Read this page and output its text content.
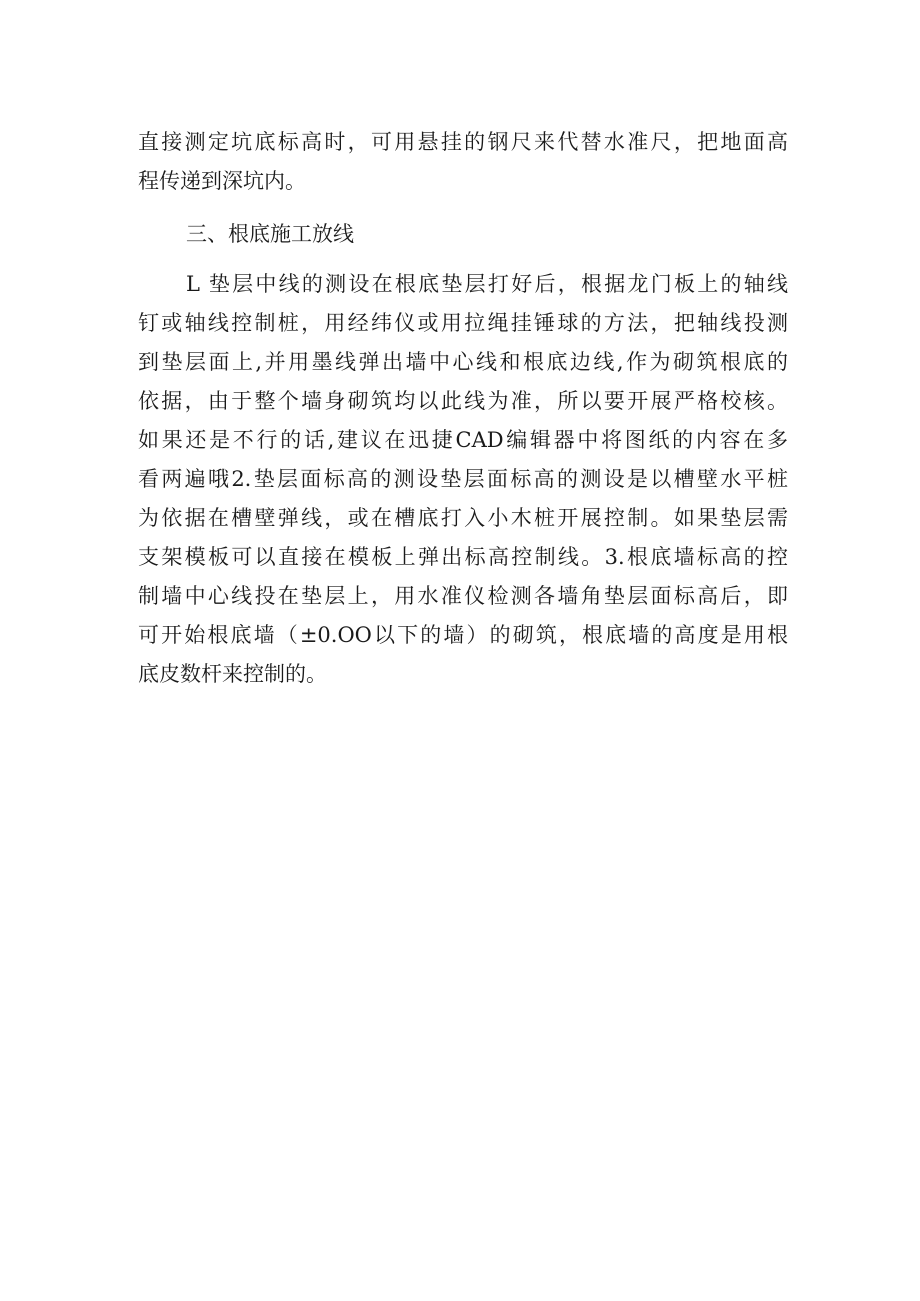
直接测定坑底标高时，可用悬挂的钢尺来代替水准尺，把地面高
程传递到深坑内。
三、根底施工放线
L 垫层中线的测设在根底垫层打好后，根据龙门板上的轴线
钉或轴线控制桩，用经纬仪或用拉绳挂锤球的方法，把轴线投测
到垫层面上,并用墨线弹出墙中心线和根底边线,作为砌筑根底的
依据，由于整个墙身砌筑均以此线为准，所以要开展严格校核。
如果还是不行的话,建议在迅捷CAD编辑器中将图纸的内容在多
看两遍哦2.垫层面标高的测设垫层面标高的测设是以槽壁水平桩
为依据在槽壁弹线，或在槽底打入小木桩开展控制。如果垫层需
支架模板可以直接在模板上弹出标高控制线。3.根底墙标高的控
制墙中心线投在垫层上，用水准仪检测各墙角垫层面标高后，即
可开始根底墙（±0.OO以下的墙）的砌筑，根底墙的高度是用根
底皮数杆来控制的。
